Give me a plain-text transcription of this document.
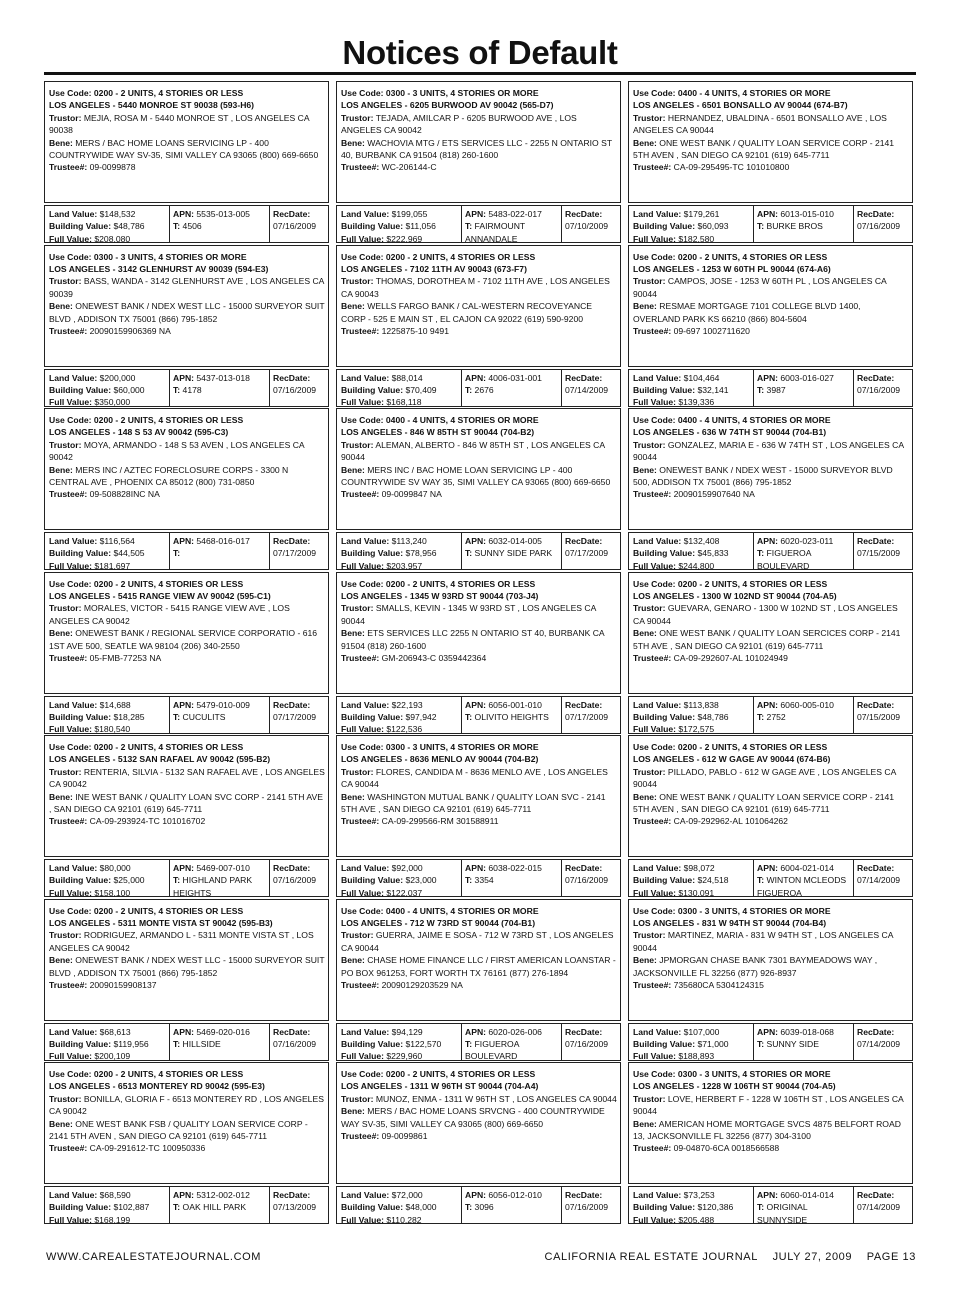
Notices of Default
Use Code: 0200 - 2 UNITS, 4 STORIES OR LESS
LOS ANGELES - 5440 MONROE ST 90038 (593-H6)
Trustor: MEJIA, ROSA M - 5440 MONROE ST , LOS ANGELES CA 90038
Bene: MERS / BAC HOME LOANS SERVICING LP - 400 COUNTRYWIDE WAY SV-35, SIMI VALLEY CA 93065 (800) 669-6650
Trustee#: 09-0099878
Land Value: $148,532
Building Value: $48,786
Full Value: $208,080
APN: 5535-013-005
T: 4506
RecDate:
07/16/2009
Use Code: 0300 - 3 UNITS, 4 STORIES OR MORE
LOS ANGELES - 6205 BURWOOD AV 90042 (565-D7)
Trustor: TEJADA, AMILCAR P - 6205 BURWOOD AVE , LOS ANGELES CA 90042
Bene: WACHOVIA MTG / ETS SERVICES LLC - 2255 N ONTARIO ST 40, BURBANK CA 91504 (818) 260-1600
Trustee#: WC-206144-C
Land Value: $199,055
Building Value: $11,056
Full Value: $222,969
APN: 5483-022-017
T: FAIRMOUNT ANNANDALE
RecDate:
07/10/2009
Use Code: 0400 - 4 UNITS, 4 STORIES OR MORE
LOS ANGELES - 6501 BONSALLO AV 90044 (674-B7)
Trustor: HERNANDEZ, UBALDINA - 6501 BONSALLO AVE , LOS ANGELES CA 90044
Bene: ONE WEST BANK / QUALITY LOAN SERVICE CORP - 2141 5TH AVEN , SAN DIEGO CA 92101 (619) 645-7711
Trustee#: CA-09-295495-TC 101010800
Land Value: $179,261
Building Value: $60,093
Full Value: $182,580
APN: 6013-015-010
T: BURKE BROS
RecDate:
07/16/2009
Use Code: 0300 - 3 UNITS, 4 STORIES OR MORE
LOS ANGELES - 3142 GLENHURST AV 90039 (594-E3)
Trustor: BASS, WANDA - 3142 GLENHURST AVE , LOS ANGELES CA 90039
Bene: ONEWEST BANK / NDEX WEST LLC - 15000 SURVEYOR SUIT BLVD , ADDISON TX 75001 (866) 795-1852
Trustee#: 20090159906369 NA
Land Value: $200,000
Building Value: $60,000
Full Value: $350,000
APN: 5437-013-018
T: 4178
RecDate:
07/16/2009
Use Code: 0200 - 2 UNITS, 4 STORIES OR LESS
LOS ANGELES - 7102 11TH AV 90043 (673-F7)
Trustor: THOMAS, DOROTHEA M - 7102 11TH AVE , LOS ANGELES CA 90043
Bene: WELLS FARGO BANK / CAL-WESTERN RECOVEYANCE CORP - 525 E MAIN ST , EL CAJON CA 92022 (619) 590-9200
Trustee#: 1225875-10 9491
Land Value: $88,014
Building Value: $70,409
Full Value: $168,118
APN: 4006-031-001
T: 2676
RecDate:
07/14/2009
Use Code: 0200 - 2 UNITS, 4 STORIES OR LESS
LOS ANGELES - 1253 W 60TH PL 90044 (674-A6)
Trustor: CAMPOS, JOSE - 1253 W 60TH PL , LOS ANGELES CA 90044
Bene: RESMAE MORTGAGE 7101 COLLEGE BLVD 1400, OVERLAND PARK KS 66210 (866) 804-5604
Trustee#: 09-697 1002711620
Land Value: $104,464
Building Value: $32,141
Full Value: $139,336
APN: 6003-016-027
T: 3987
RecDate:
07/16/2009
Use Code: 0200 - 2 UNITS, 4 STORIES OR LESS
LOS ANGELES - 148 S 53 AV 90042 (595-C3)
Trustor: MOYA, ARMANDO - 148 S 53 AVEN , LOS ANGELES CA 90042
Bene: MERS INC / AZTEC FORECLOSURE CORPS - 3300 N CENTRAL AVE , PHOENIX CA 85012 (800) 731-0850
Trustee#: 09-508828INC NA
Land Value: $116,564
Building Value: $44,505
Full Value: $181,697
APN: 5468-016-017
T:
RecDate:
07/17/2009
Use Code: 0400 - 4 UNITS, 4 STORIES OR MORE
LOS ANGELES - 846 W 85TH ST 90044 (704-B2)
Trustor: ALEMAN, ALBERTO - 846 W 85TH ST , LOS ANGELES CA 90044
Bene: MERS INC / BAC HOME LOAN SERVICING LP - 400 COUNTRYWIDE SV WAY 35, SIMI VALLEY CA 93065 (800) 669-6650
Trustee#: 09-0099847 NA
Land Value: $113,240
Building Value: $78,956
Full Value: $203,957
APN: 6032-014-005
T: SUNNY SIDE PARK
RecDate:
07/17/2009
Use Code: 0400 - 4 UNITS, 4 STORIES OR MORE
LOS ANGELES - 636 W 74TH ST 90044 (704-B1)
Trustor: GONZALEZ, MARIA E - 636 W 74TH ST , LOS ANGELES CA 90044
Bene: ONEWEST BANK / NDEX WEST - 15000 SURVEYOR BLVD 500, ADDISON TX 75001 (866) 795-1852
Trustee#: 20090159907640 NA
Land Value: $132,408
Building Value: $45,833
Full Value: $244,800
APN: 6020-023-011
T: FIGUEROA BOULEVARD
RecDate:
07/15/2009
Use Code: 0200 - 2 UNITS, 4 STORIES OR LESS
LOS ANGELES - 5415 RANGE VIEW AV 90042 (595-C1)
Trustor: MORALES, VICTOR - 5415 RANGE VIEW AVE , LOS ANGELES CA 90042
Bene: ONEWEST BANK / REGIONAL SERVICE CORPORATIO - 616 1ST AVE 500, SEATLE WA 98104 (206) 340-2550
Trustee#: 05-FMB-77253 NA
Land Value: $14,688
Building Value: $18,285
Full Value: $180,540
APN: 5479-010-009
T: CUCULITS
RecDate:
07/17/2009
Use Code: 0200 - 2 UNITS, 4 STORIES OR LESS
LOS ANGELES - 1345 W 93RD ST 90044 (703-J4)
Trustor: SMALLS, KEVIN - 1345 W 93RD ST , LOS ANGELES CA 90044
Bene: ETS SERVICES LLC 2255 N ONTARIO ST 40, BURBANK CA 91504 (818) 260-1600
Trustee#: GM-206943-C 0359442364
Land Value: $22,193
Building Value: $97,942
Full Value: $122,536
APN: 6056-001-010
T: OLIVITO HEIGHTS
RecDate:
07/17/2009
Use Code: 0200 - 2 UNITS, 4 STORIES OR LESS
LOS ANGELES - 1300 W 102ND ST 90044 (704-A5)
Trustor: GUEVARA, GENARO - 1300 W 102ND ST , LOS ANGELES CA 90044
Bene: ONE WEST BANK / QUALITY LOAN SERCICES CORP - 2141 5TH AVE , SAN DIEGO CA 92101 (619) 645-7711
Trustee#: CA-09-292607-AL 101024949
Land Value: $113,838
Building Value: $48,786
Full Value: $172,575
APN: 6060-005-010
T: 2752
RecDate:
07/15/2009
Use Code: 0200 - 2 UNITS, 4 STORIES OR LESS
LOS ANGELES - 5132 SAN RAFAEL AV 90042 (595-B2)
Trustor: RENTERIA, SILVIA - 5132 SAN RAFAEL AVE , LOS ANGELES CA 90042
Bene: INE WEST BANK / QUALITY LOAN SVC CORP - 2141 5TH AVE , SAN DIEGO CA 92101 (619) 645-7711
Trustee#: CA-09-293924-TC 101016702
Land Value: $80,000
Building Value: $25,000
Full Value: $158,100
APN: 5469-007-010
T: HIGHLAND PARK HEIGHTS
RecDate:
07/16/2009
Use Code: 0300 - 3 UNITS, 4 STORIES OR MORE
LOS ANGELES - 8636 MENLO AV 90044 (704-B2)
Trustor: FLORES, CANDIDA M - 8636 MENLO AVE , LOS ANGELES CA 90044
Bene: WASHINGTON MUTUAL BANK / QUALITY LOAN SVC - 2141 5TH AVE , SAN DIEGO CA 92101 (619) 645-7711
Trustee#: CA-09-299566-RM 301588911
Land Value: $92,000
Building Value: $23,000
Full Value: $122,037
APN: 6038-022-015
T: 3354
RecDate:
07/16/2009
Use Code: 0200 - 2 UNITS, 4 STORIES OR LESS
LOS ANGELES - 612 W GAGE AV 90044 (674-B6)
Trustor: PILLADO, PABLO - 612 W GAGE AVE , LOS ANGELES CA 90044
Bene: ONE WEST BANK / QUALITY LOAN SERVICE CORP - 2141 5TH AVEN , SAN DIEGO CA 92101 (619) 645-7711
Trustee#: CA-09-292962-AL 101064262
Land Value: $98,072
Building Value: $24,518
Full Value: $130,091
APN: 6004-021-014
T: WINTON MCLEODS FIGUEROA
RecDate:
07/14/2009
Use Code: 0200 - 2 UNITS, 4 STORIES OR LESS
LOS ANGELES - 5311 MONTE VISTA ST 90042 (595-B3)
Trustor: RODRIGUEZ, ARMANDO L - 5311 MONTE VISTA ST , LOS ANGELES CA 90042
Bene: ONEWEST BANK / NDEX WEST LLC - 15000 SURVEYOR SUIT BLVD , ADDISON TX 75001 (866) 795-1852
Trustee#: 20090159908137
Land Value: $68,613
Building Value: $119,956
Full Value: $200,109
APN: 5469-020-016
T: HILLSIDE
RecDate:
07/16/2009
Use Code: 0400 - 4 UNITS, 4 STORIES OR MORE
LOS ANGELES - 712 W 73RD ST 90044 (704-B1)
Trustor: GUERRA, JAIME E SOSA - 712 W 73RD ST , LOS ANGELES CA 90044
Bene: CHASE HOME FINANCE LLC / FIRST AMERICAN LOANSTAR - PO BOX 961253, FORT WORTH TX 76161 (877) 276-1894
Trustee#: 20090129203529 NA
Land Value: $94,129
Building Value: $122,570
Full Value: $229,960
APN: 6020-026-006
T: FIGUEROA BOULEVARD
RecDate:
07/16/2009
Use Code: 0300 - 3 UNITS, 4 STORIES OR MORE
LOS ANGELES - 831 W 94TH ST 90044 (704-B4)
Trustor: MARTINEZ, MARIA - 831 W 94TH ST , LOS ANGELES CA 90044
Bene: JPMORGAN CHASE BANK 7301 BAYMEADOWS WAY , JACKSONVILLE FL 32256 (877) 926-8937
Trustee#: 735680CA 5304124315
Land Value: $107,000
Building Value: $71,000
Full Value: $188,893
APN: 6039-018-068
T: SUNNY SIDE
RecDate:
07/14/2009
Use Code: 0200 - 2 UNITS, 4 STORIES OR LESS
LOS ANGELES - 6513 MONTEREY RD 90042 (595-E3)
Trustor: BONILLA, GLORIA F - 6513 MONTEREY RD , LOS ANGELES CA 90042
Bene: ONE WEST BANK FSB / QUALITY LOAN SERVICE CORP - 2141 5TH AVEN , SAN DIEGO CA 92101 (619) 645-7711
Trustee#: CA-09-291612-TC 100950336
Land Value: $68,590
Building Value: $102,887
Full Value: $168,199
APN: 5312-002-012
T: OAK HILL PARK
RecDate:
07/13/2009
Use Code: 0200 - 2 UNITS, 4 STORIES OR LESS
LOS ANGELES - 1311 W 96TH ST 90044 (704-A4)
Trustor: MUNOZ, ENMA - 1311 W 96TH ST , LOS ANGELES CA 90044
Bene: MERS / BAC HOME LOANS SRVCNG - 400 COUNTRYWIDE WAY SV-35, SIMI VALLEY CA 93065 (800) 669-6650
Trustee#: 09-0099861
Land Value: $72,000
Building Value: $48,000
Full Value: $110,282
APN: 6056-012-010
T: 3096
RecDate:
07/16/2009
Use Code: 0300 - 3 UNITS, 4 STORIES OR MORE
LOS ANGELES - 1228 W 106TH ST 90044 (704-A5)
Trustor: LOVE, HERBERT F - 1228 W 106TH ST , LOS ANGELES CA 90044
Bene: AMERICAN HOME MORTGAGE SVCS 4875 BELFORT ROAD 13, JACKSONVILLE FL 32256 (877) 304-3100
Trustee#: 09-04870-6CA 0018566588
Land Value: $73,253
Building Value: $120,386
Full Value: $205,488
APN: 6060-014-014
T: ORIGINAL SUNNYSIDE
RecDate:
07/14/2009
WWW.CAREALESTATEJOURNAL.COM	CALIFORNIA REAL ESTATE JOURNAL JULY 27, 2009 PAGE 13
